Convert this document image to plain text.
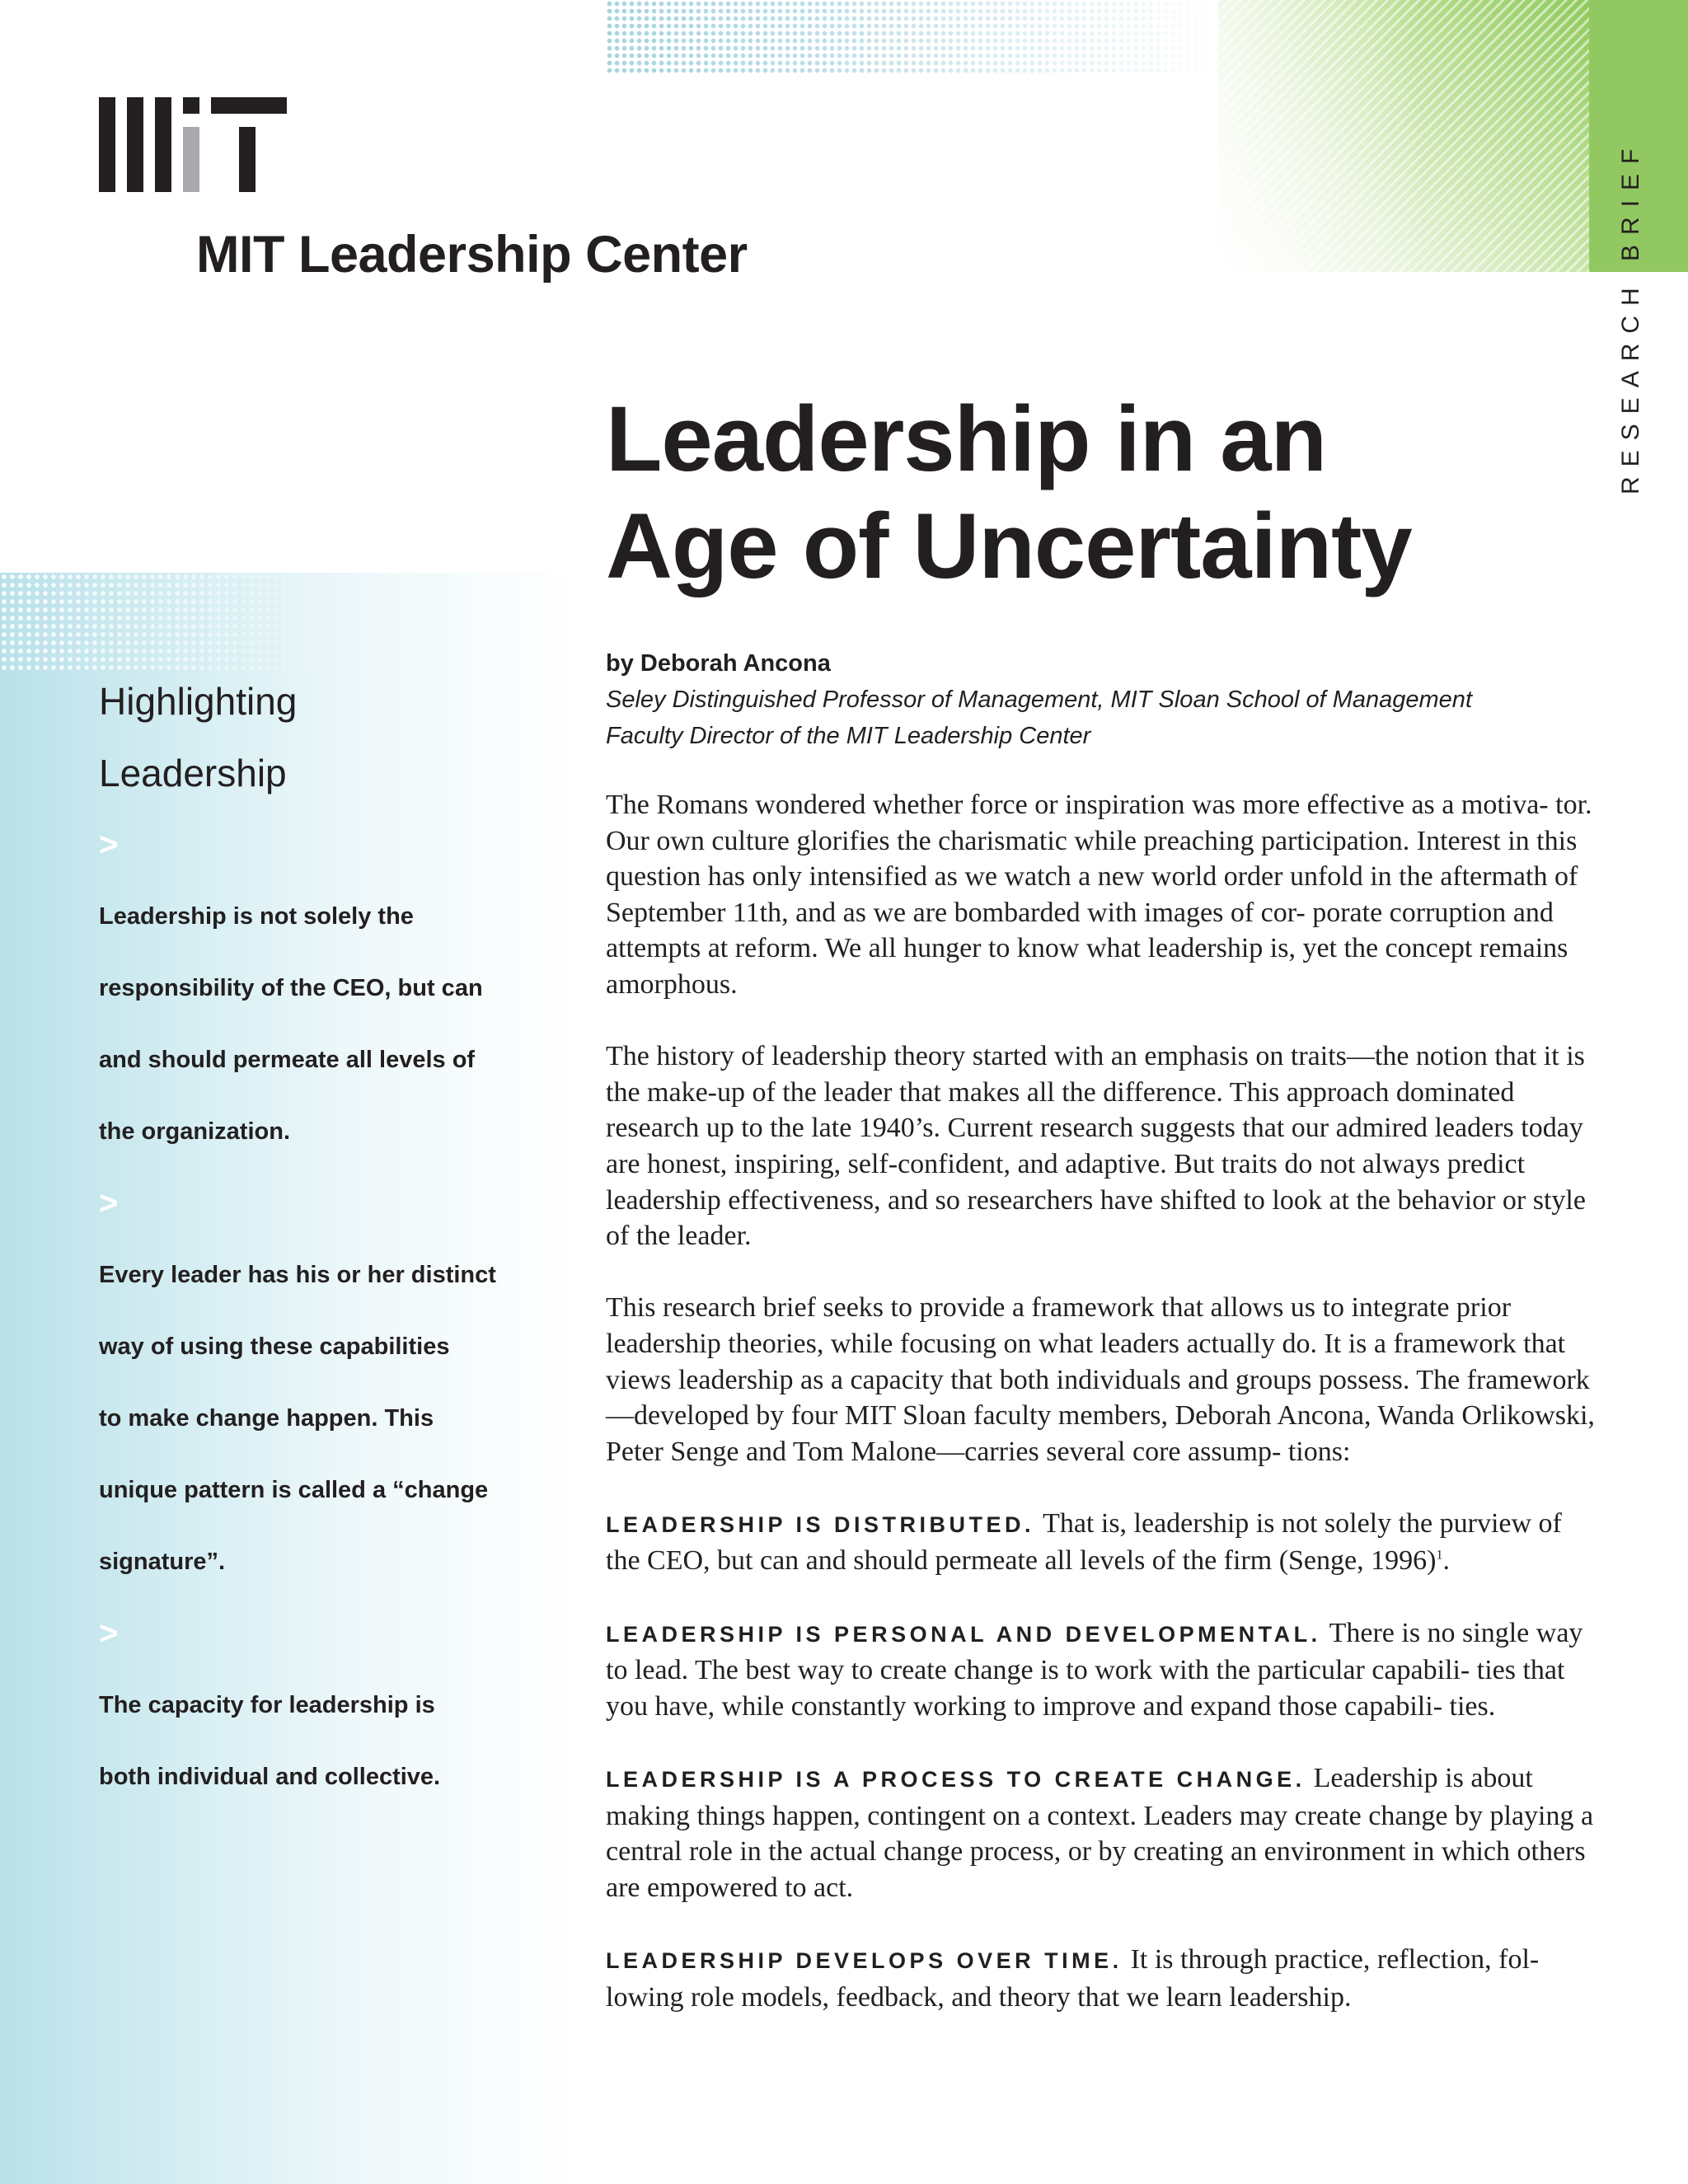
MIT Leadership Center	RESEARCH BRIEF
Leadership in an
Age of Uncertainty
by Deborah Ancona
Seley Distinguished Professor of Management, MIT Sloan School of Management
Faculty Director of the MIT Leadership Center
Highlighting
Leadership
>
Leadership is not solely the
responsibility of the CEO, but can
and should permeate all levels of
the organization.
>
Every leader has his or her distinct
way of using these capabilities
to make change happen. This
unique pattern is called a “change
signature”.
>
The capacity for leadership is
both individual and collective.

The Romans wondered whether force or inspiration was more effective as a motiva- tor. Our own culture glorifies the charismatic while preaching participation. Interest in this question has only intensified as we watch a new world order unfold in the aftermath of September 11th, and as we are bombarded with images of cor- porate corruption and attempts at reform. We all hunger to know what leadership is, yet the concept remains amorphous.

The history of leadership theory started with an emphasis on traits—the notion that it is the make-up of the leader that makes all the difference. This approach dominated research up to the late 1940’s. Current research suggests that our admired leaders today are honest, inspiring, self-confident, and adaptive. But traits do not always predict leadership effectiveness, and so researchers have shifted to look at the behavior or style of the leader.

This research brief seeks to provide a framework that allows us to integrate prior leadership theories, while focusing on what leaders actually do. It is a framework that views leadership as a capacity that both individuals and groups possess. The framework—developed by four MIT Sloan faculty members, Deborah Ancona, Wanda Orlikowski, Peter Senge and Tom Malone—carries several core assump- tions:

LEADERSHIP IS DISTRIBUTED. That is, leadership is not solely the purview of the CEO, but can and should permeate all levels of the firm (Senge, 1996)$^1$.

LEADERSHIP IS PERSONAL AND DEVELOPMENTAL. There is no single way to lead. The best way to create change is to work with the particular capabili- ties that you have, while constantly working to improve and expand those capabili- ties.

LEADERSHIP IS A PROCESS TO CREATE CHANGE. Leadership is about making things happen, contingent on a context. Leaders may create change by playing a central role in the actual change process, or by creating an environment in which others are empowered to act.

LEADERSHIP DEVELOPS OVER TIME. It is through practice, reflection, fol- lowing role models, feedback, and theory that we learn leadership.
